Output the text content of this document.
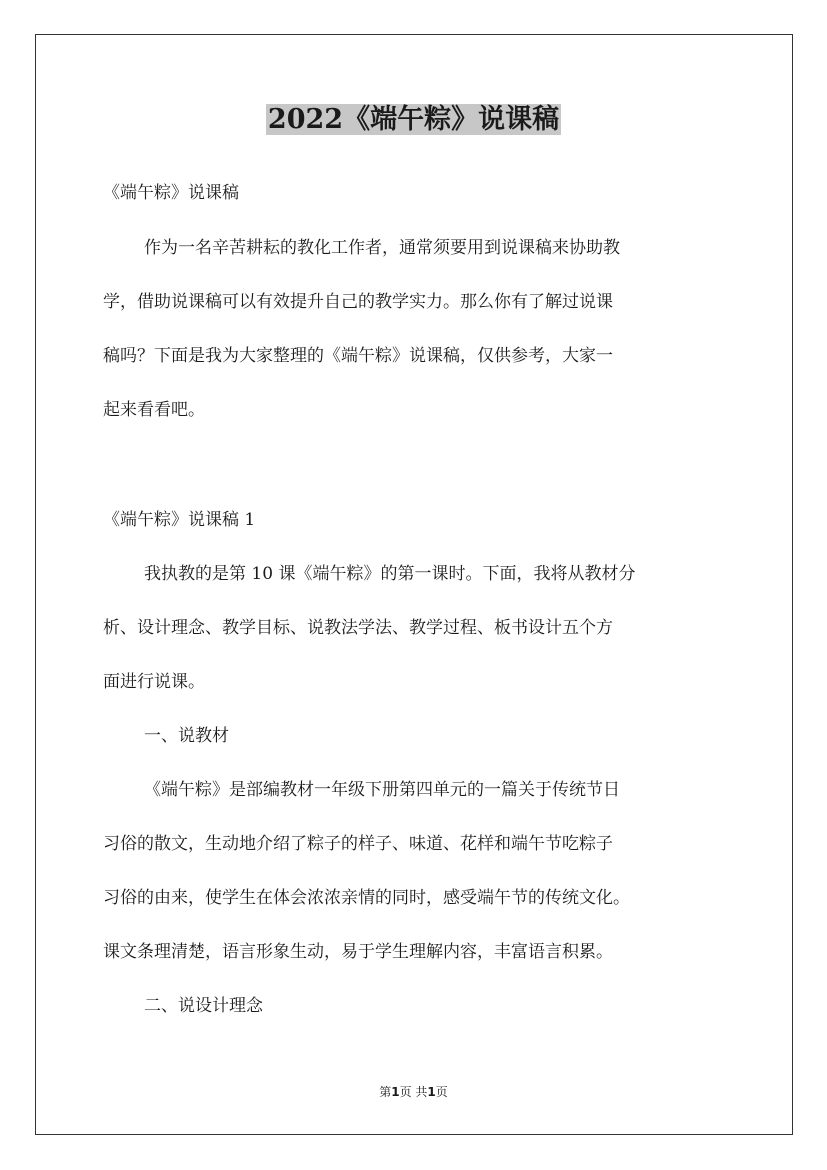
2022《端午粽》说课稿
《端午粽》说课稿
作为一名辛苦耕耘的教化工作者，通常须要用到说课稿来协助教
学，借助说课稿可以有效提升自己的教学实力。那么你有了解过说课
稿吗？下面是我为大家整理的《端午粽》说课稿，仅供参考，大家一
起来看看吧。
《端午粽》说课稿 1
我执教的是第 10 课《端午粽》的第一课时。下面，我将从教材分
析、设计理念、教学目标、说教法学法、教学过程、板书设计五个方
面进行说课。
一、说教材
《端午粽》是部编教材一年级下册第四单元的一篇关于传统节日
习俗的散文，生动地介绍了粽子的样子、味道、花样和端午节吃粽子
习俗的由来，使学生在体会浓浓亲情的同时，感受端午节的传统文化。
课文条理清楚，语言形象生动，易于学生理解内容，丰富语言积累。
二、说设计理念
第1页 共1页
